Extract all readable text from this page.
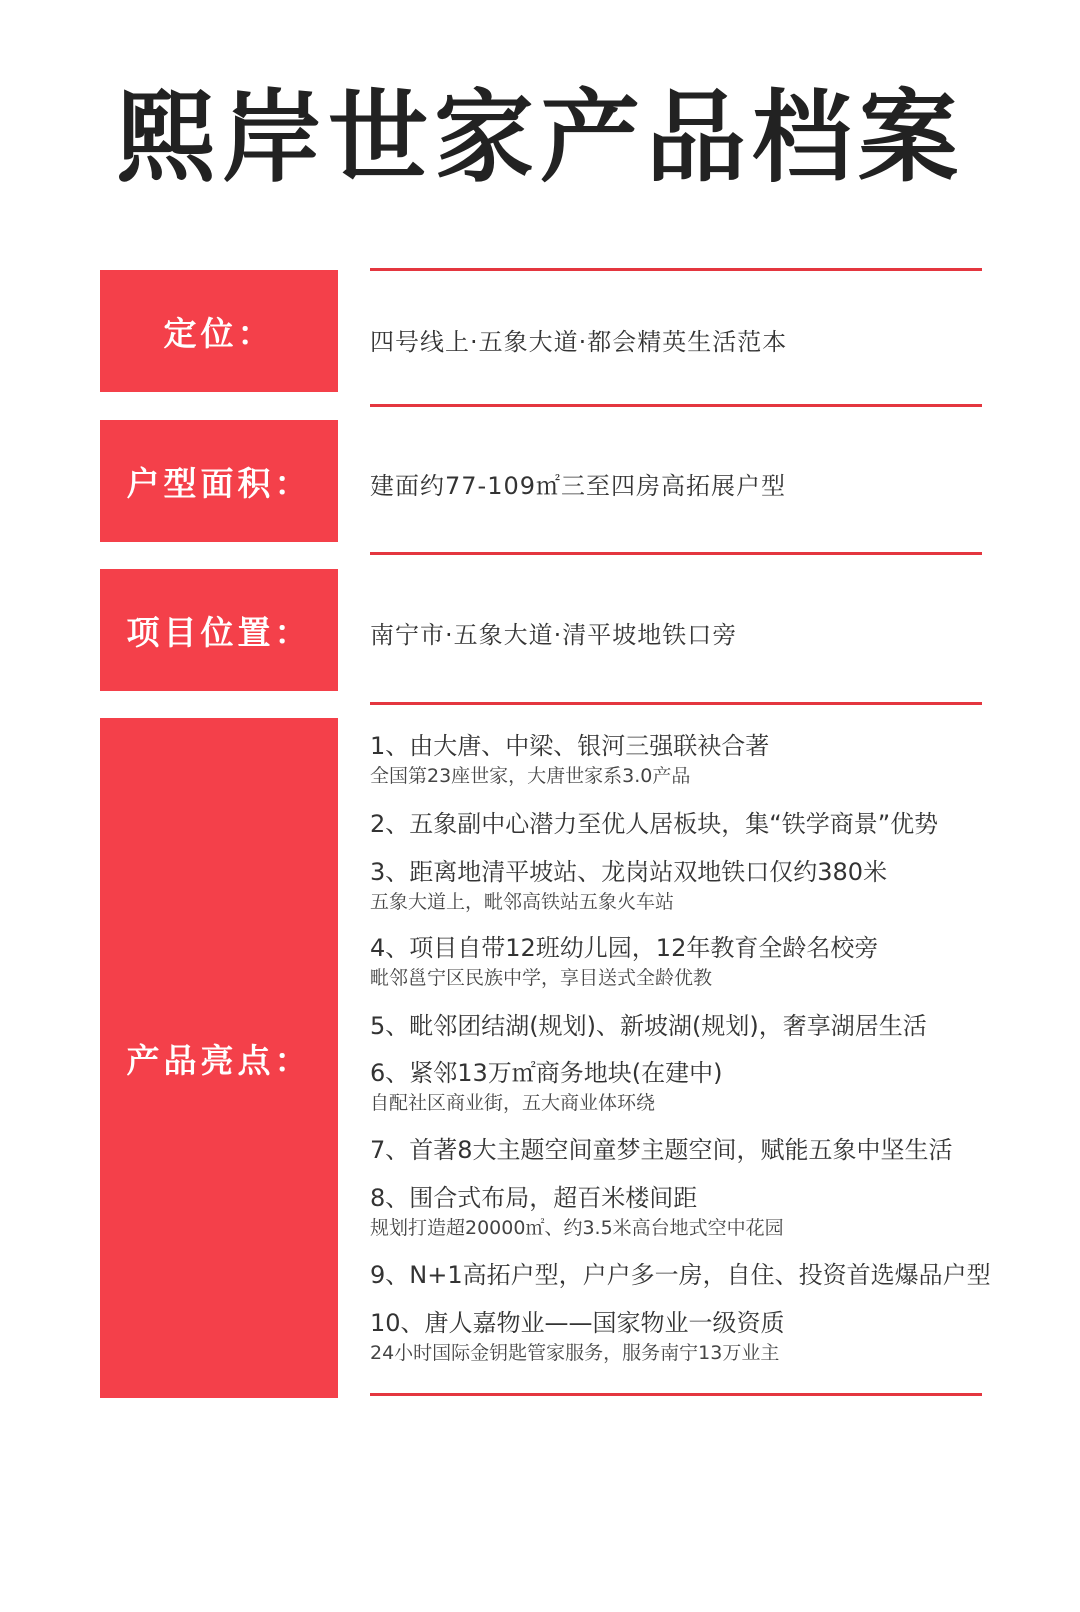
熙岸世家产品档案
定位：	四号线上·五象大道·都会精英生活范本
户型面积：	建面约77-109㎡三至四房高拓展户型
项目位置：	南宁市·五象大道·清平坡地铁口旁
产品亮点：
1、由大唐、中梁、银河三强联袂合著
全国第23座世家，大唐世家系3.0产品
2、五象副中心潜力至优人居板块，集“铁学商景”优势
3、距离地清平坡站、龙岗站双地铁口仅约380米
五象大道上，毗邻高铁站五象火车站
4、项目自带12班幼儿园，12年教育全龄名校旁
毗邻邕宁区民族中学，享目送式全龄优教
5、毗邻团结湖(规划)、新坡湖(规划)，奢享湖居生活
6、紧邻13万㎡商务地块(在建中)
自配社区商业街，五大商业体环绕
7、首著8大主题空间童梦主题空间，赋能五象中坚生活
8、围合式布局，超百米楼间距
规划打造超20000㎡、约3.5米高台地式空中花园
9、N+1高拓户型，户户多一房，自住、投资首选爆品户型
10、唐人嘉物业——国家物业一级资质
24小时国际金钥匙管家服务，服务南宁13万业主
